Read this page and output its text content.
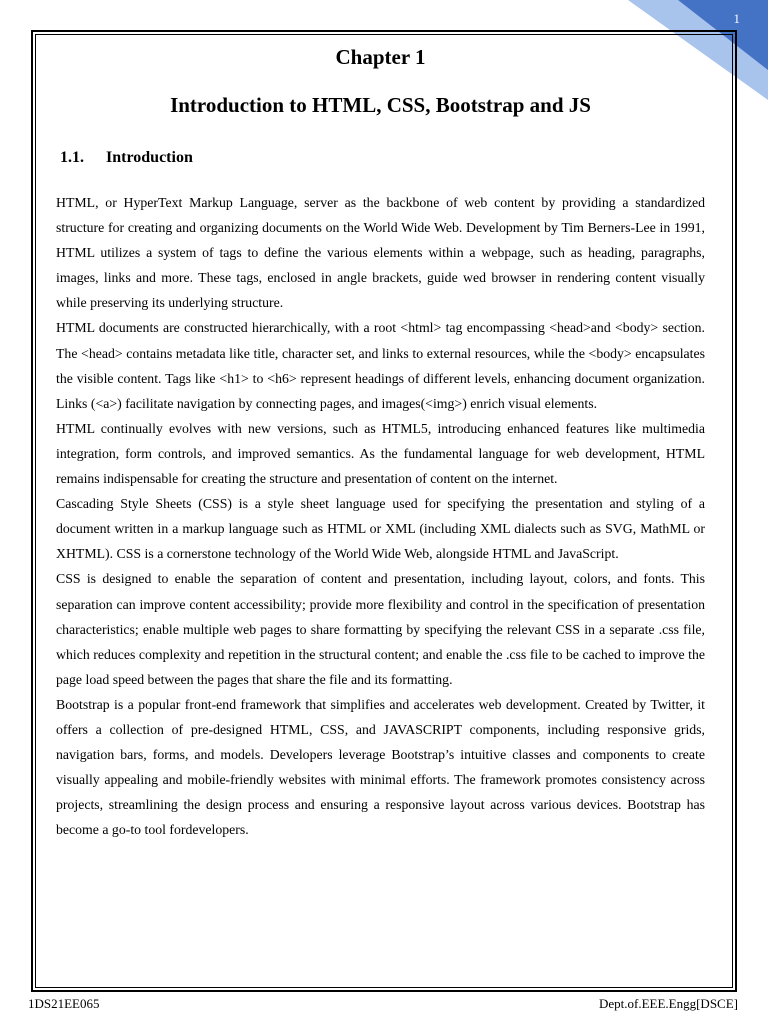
1
Chapter 1
Introduction to HTML, CSS, Bootstrap and JS
1.1. Introduction

HTML, or HyperText Markup Language, server as the backbone of web content by providing a standardized structure for creating and organizing documents on the World Wide Web. Development by Tim Berners-Lee in 1991, HTML utilizes a system of tags to define the various elements within a webpage, such as heading, paragraphs, images, links and more. These tags, enclosed in angle brackets, guide wed browser in rendering content visually while preserving its underlying structure.

HTML documents are constructed hierarchically, with a root <html> tag encompassing <head>and <body> section. The <head> contains metadata like title, character set, and links to external resources, while the <body> encapsulates the visible content. Tags like <h1> to <h6> represent headings of different levels, enhancing document organization. Links (<a>) facilitate navigation by connecting pages, and images(<img>) enrich visual elements.

HTML continually evolves with new versions, such as HTML5, introducing enhanced features like multimedia integration, form controls, and improved semantics. As the fundamental language for web development, HTML remains indispensable for creating the structure and presentation of content on the internet.

Cascading Style Sheets (CSS) is a style sheet language used for specifying the presentation and styling of a document written in a markup language such as HTML or XML (including XML dialects such as SVG, MathML or XHTML). CSS is a cornerstone technology of the World Wide Web, alongside HTML and JavaScript.

CSS is designed to enable the separation of content and presentation, including layout, colors, and fonts. This separation can improve content accessibility; provide more flexibility and control in the specification of presentation characteristics; enable multiple web pages to share formatting by specifying the relevant CSS in a separate .css file, which reduces complexity and repetition in the structural content; and enable the .css file to be cached to improve the page load speed between the pages that share the file and its formatting.

Bootstrap is a popular front-end framework that simplifies and accelerates web development. Created by Twitter, it offers a collection of pre-designed HTML, CSS, and JAVASCRIPT components, including responsive grids, navigation bars, forms, and models. Developers leverage Bootstrap’s intuitive classes and components to create visually appealing and mobile-friendly websites with minimal efforts. The framework promotes consistency across projects, streamlining the design process and ensuring a responsive layout across various devices. Bootstrap has become a go-to tool fordevelopers.

1DS21EE065	Dept.of.EEE.Engg[DSCE]
